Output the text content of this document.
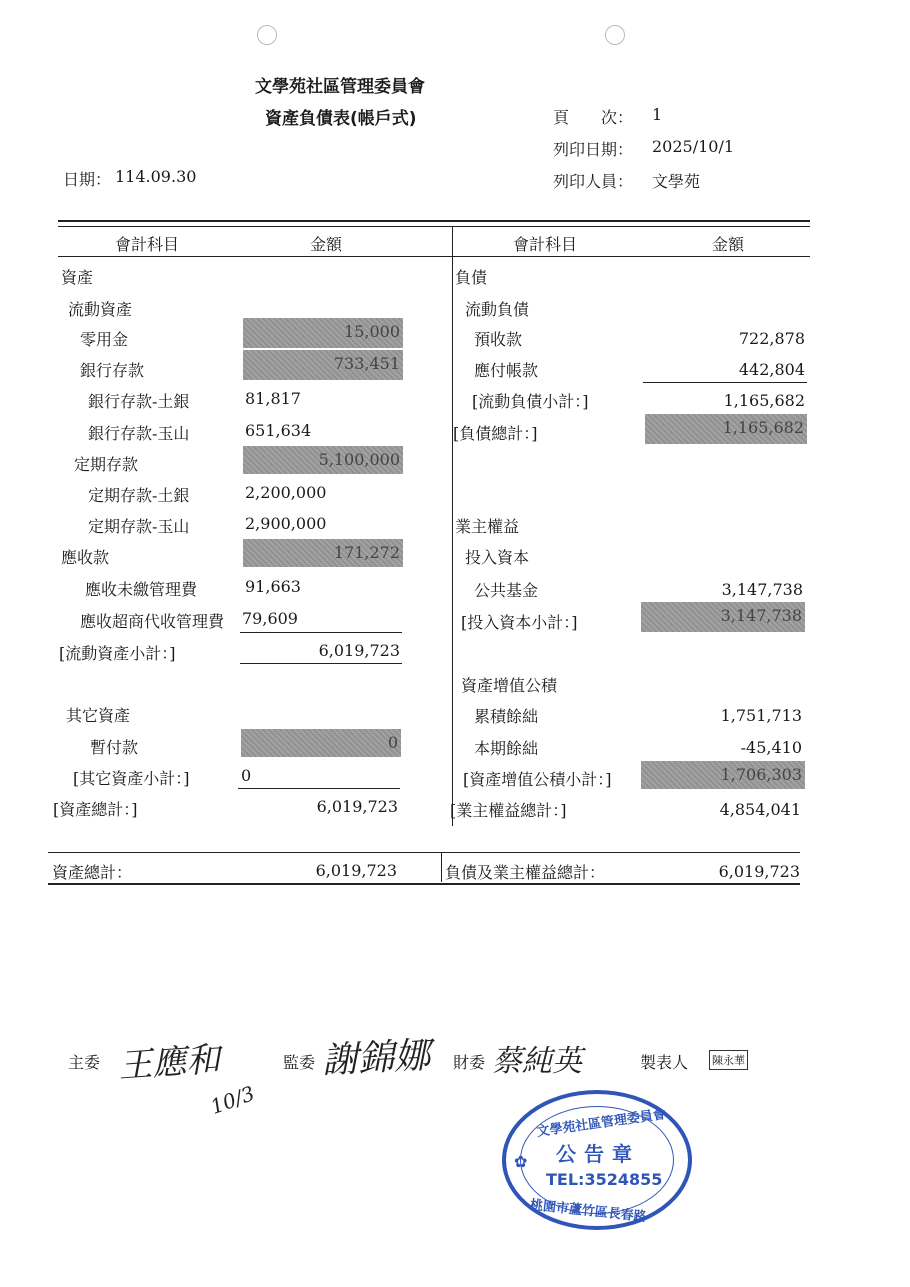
文學苑社區管理委員會
資產負債表(帳戶式)	頁　　次： 1
列印日期： 2025/10/1
列印人員： 文學苑
日期： 114.09.30
會計科目	金額	會計科目	金額
資產
流動資產
零用金	15,000
銀行存款	733,451
銀行存款-土銀	81,817
銀行存款-玉山	651,634
定期存款	5,100,000
定期存款-土銀	2,200,000
定期存款-玉山	2,900,000
應收款	171,272
應收未繳管理費	91,663
應收超商代收管理費	79,609
[流動資產小計：]	6,019,723
其它資產
暫付款	0
[其它資產小計：]	0
[資產總計：]	6,019,723
負債
流動負債
預收款	722,878
應付帳款	442,804
[流動負債小計：]	1,165,682
[負債總計：]	1,165,682
業主權益
投入資本
公共基金	3,147,738
[投入資本小計：]	3,147,738
資產增值公積
累積餘絀	1,751,713
本期餘絀	-45,410
[資產增值公積小計：]	1,706,303
[業主權益總計：]	4,854,041
資產總計：	6,019,723	負債及業主權益總計：	6,019,723
主委 王應和
10/3
監委 謝錦娜 財委 蔡純英	製表人 陳永華
文學苑社區管理委員會
公告章
TEL:3524855
桃園市蘆竹區長春路
✿
